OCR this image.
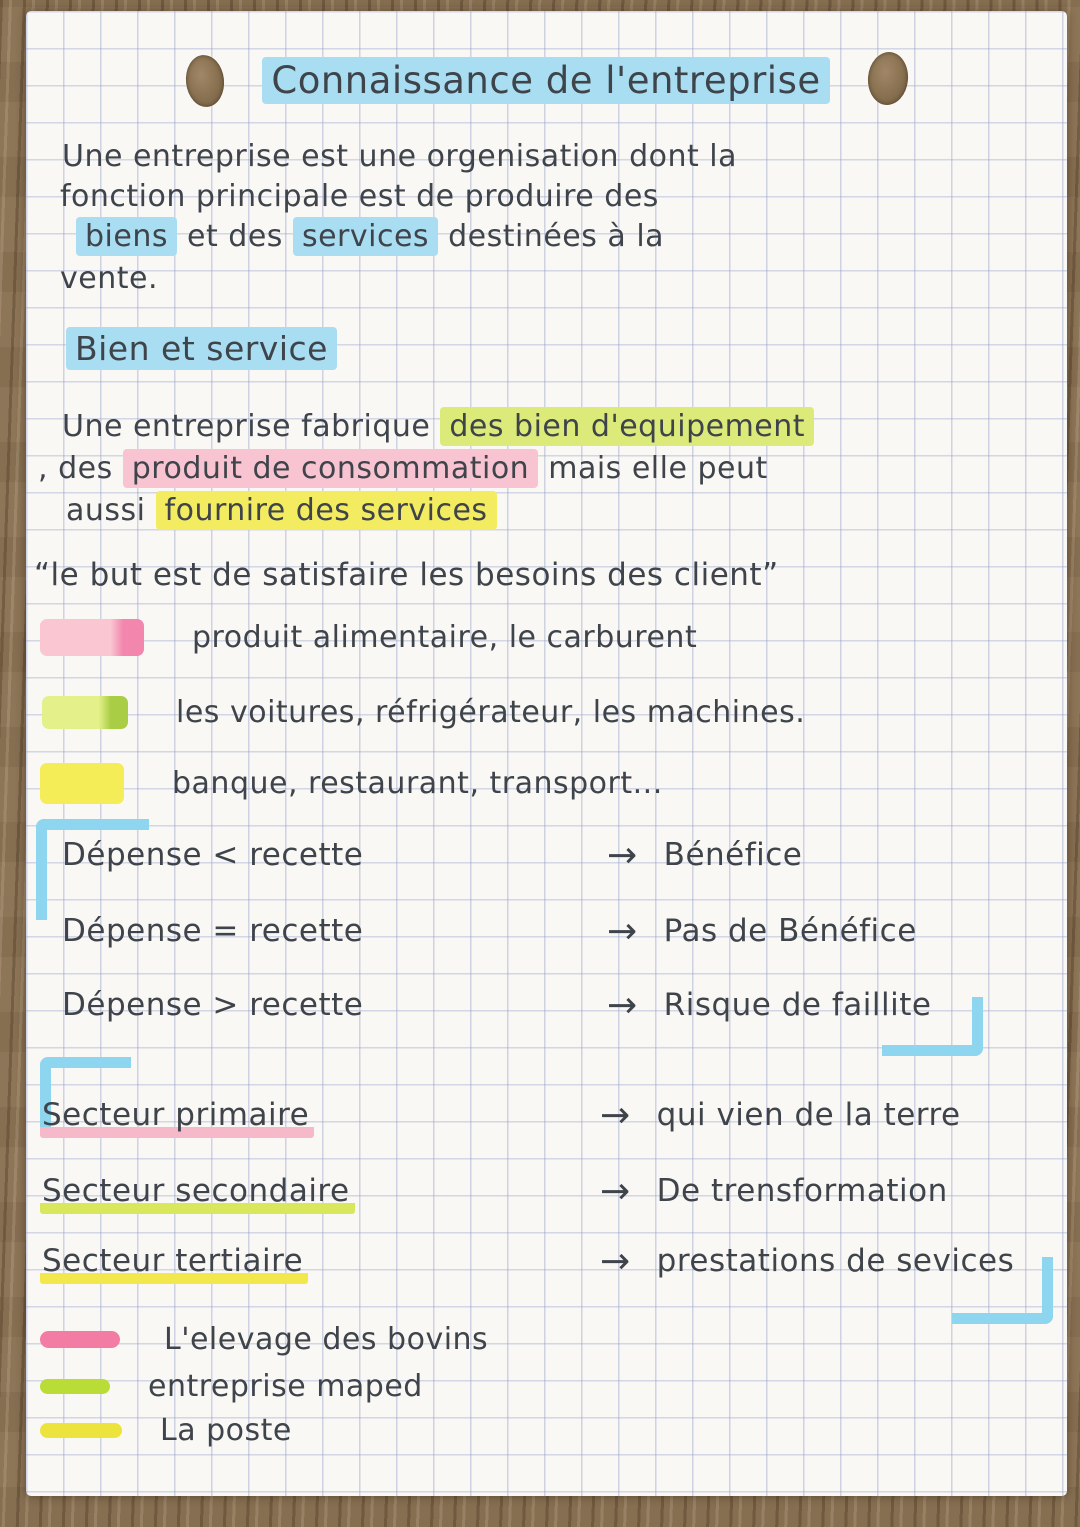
Connaissance de l'entreprise
Une entreprise est une orgenisation dont la
fonction principale est de produire des
biens et des services destinées à la
vente.
Bien et service
Une entreprise fabrique des bien d'equipement
, des produit de consommation mais elle peut
aussi fournire des services
“le but est de satisfaire les besoins des client”
produit alimentaire, le carburent
les voitures, réfrigérateur, les machines.
banque, restaurant, transport...
Dépense < recette	→ Bénéfice
Dépense = recette	→ Pas de Bénéfice
Dépense > recette	→ Risque de faillite
Secteur primaire	→ qui vien de la terre
Secteur secondaire	→ De trensformation
Secteur tertiaire	→ prestations de sevices
L'elevage des bovins
entreprise maped
La poste
